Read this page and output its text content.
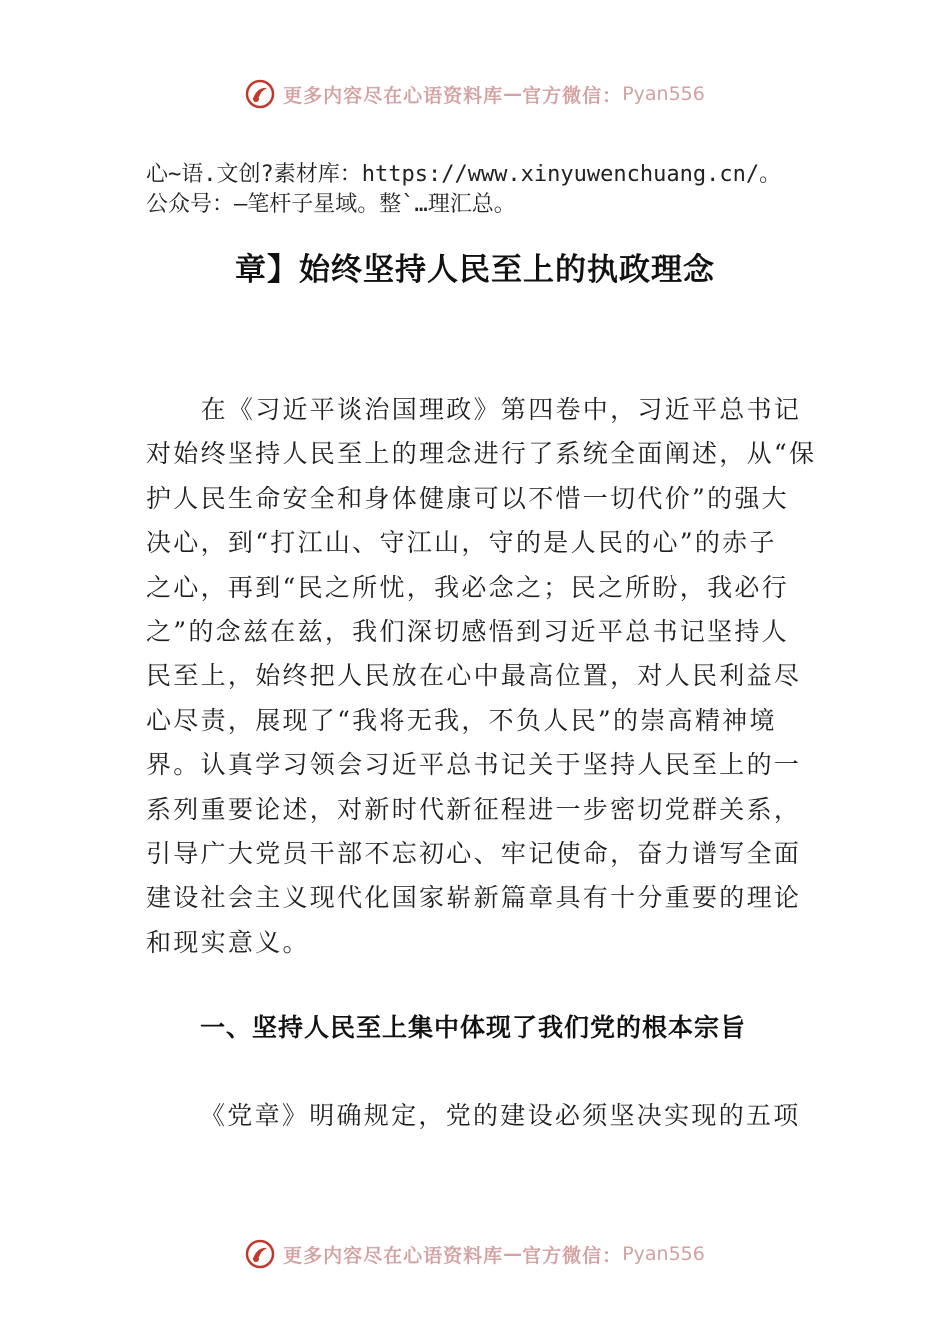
更多内容尽在心语资料库 — 官方微信： Pyan556
心~语.文创?素材库：https://www.xinyuwenchuang.cn/。
公众号：—笔杆子星域。整`…理汇总。
章】始终坚持人民至上的执政理念
　　在《习近平谈治国理政》第四卷中，习近平总书记
对始终坚持人民至上的理念进行了系统全面阐述，从“保
护人民生命安全和身体健康可以不惜一切代价”的强大
决心，到“打江山、守江山，守的是人民的心”的赤子
之心，再到“民之所忧，我必念之；民之所盼，我必行
之”的念兹在兹，我们深切感悟到习近平总书记坚持人
民至上，始终把人民放在心中最高位置，对人民利益尽
心尽责，展现了“我将无我，不负人民”的崇高精神境
界。认真学习领会习近平总书记关于坚持人民至上的一
系列重要论述，对新时代新征程进一步密切党群关系，
引导广大党员干部不忘初心、牢记使命，奋力谱写全面
建设社会主义现代化国家崭新篇章具有十分重要的理论
和现实意义。
一、坚持人民至上集中体现了我们党的根本宗旨
《党章》明确规定，党的建设必须坚决实现的五项
更多内容尽在心语资料库 — 官方微信： Pyan556
